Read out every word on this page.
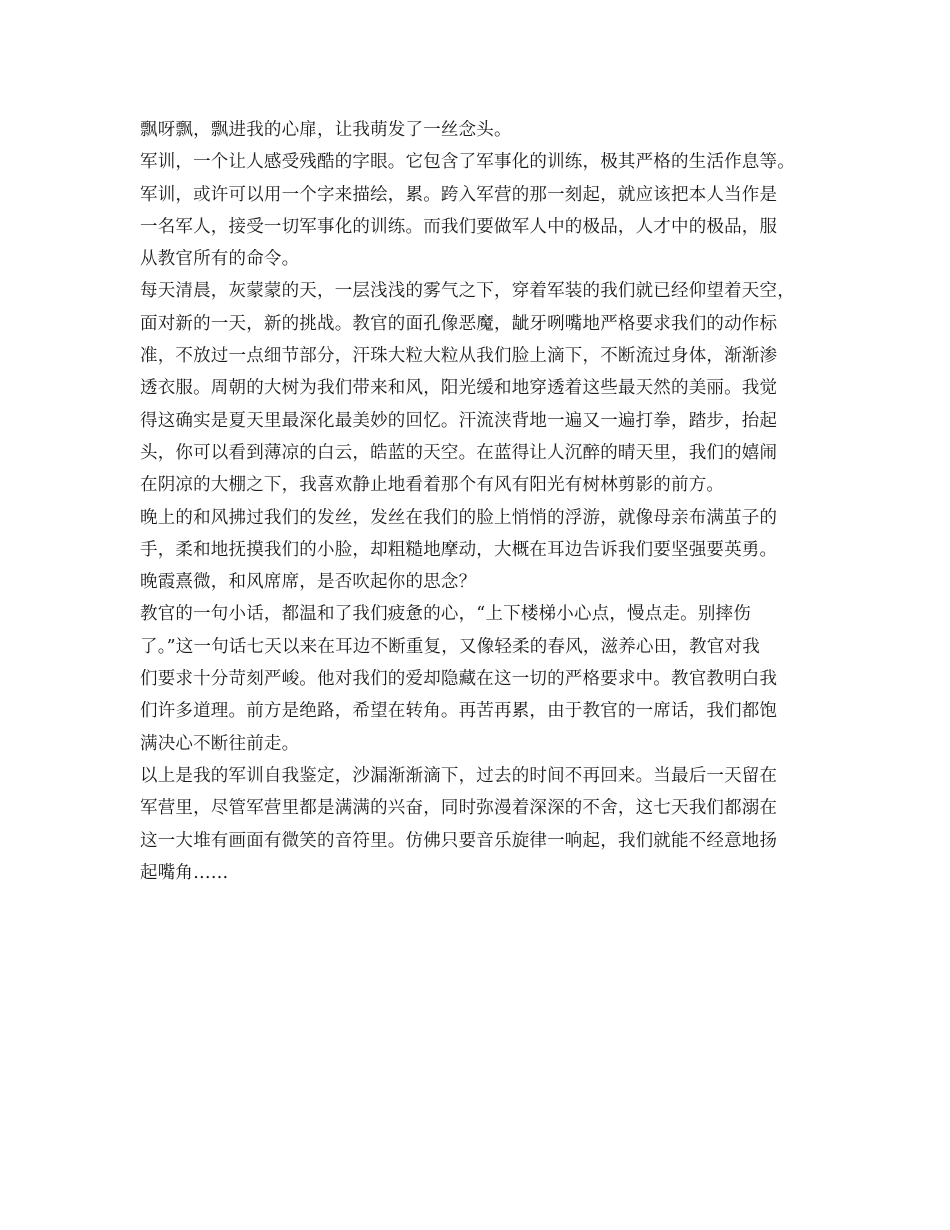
飘呀飘，飘进我的心扉，让我萌发了一丝念头。
军训，一个让人感受残酷的字眼。它包含了军事化的训练，极其严格的生活作息等。
军训，或许可以用一个字来描绘，累。跨入军营的那一刻起，就应该把本人当作是
一名军人，接受一切军事化的训练。而我们要做军人中的极品，人才中的极品，服
从教官所有的命令。
每天清晨，灰蒙蒙的天，一层浅浅的雾气之下，穿着军装的我们就已经仰望着天空，
面对新的一天，新的挑战。教官的面孔像恶魔，龇牙咧嘴地严格要求我们的动作标
准，不放过一点细节部分，汗珠大粒大粒从我们脸上滴下，不断流过身体，渐渐渗
透衣服。周朝的大树为我们带来和风，阳光缓和地穿透着这些最天然的美丽。我觉
得这确实是夏天里最深化最美妙的回忆。汗流浃背地一遍又一遍打拳，踏步，抬起
头，你可以看到薄凉的白云，皓蓝的天空。在蓝得让人沉醉的晴天里，我们的嬉闹
在阴凉的大棚之下，我喜欢静止地看着那个有风有阳光有树林剪影的前方。
晚上的和风拂过我们的发丝，发丝在我们的脸上悄悄的浮游，就像母亲布满茧子的
手，柔和地抚摸我们的小脸，却粗糙地摩动，大概在耳边告诉我们要坚强要英勇。
晚霞熹微，和风席席，是否吹起你的思念？
教官的一句小话，都温和了我们疲惫的心，“上下楼梯小心点，慢点走。别摔伤
了。”这一句话七天以来在耳边不断重复，又像轻柔的春风，滋养心田，教官对我
们要求十分苛刻严峻。他对我们的爱却隐藏在这一切的严格要求中。教官教明白我
们许多道理。前方是绝路，希望在转角。再苦再累，由于教官的一席话，我们都饱
满决心不断往前走。
以上是我的军训自我鉴定，沙漏渐渐滴下，过去的时间不再回来。当最后一天留在
军营里，尽管军营里都是满满的兴奋，同时弥漫着深深的不舍，这七天我们都溺在
这一大堆有画面有微笑的音符里。仿佛只要音乐旋律一响起，我们就能不经意地扬
起嘴角……
